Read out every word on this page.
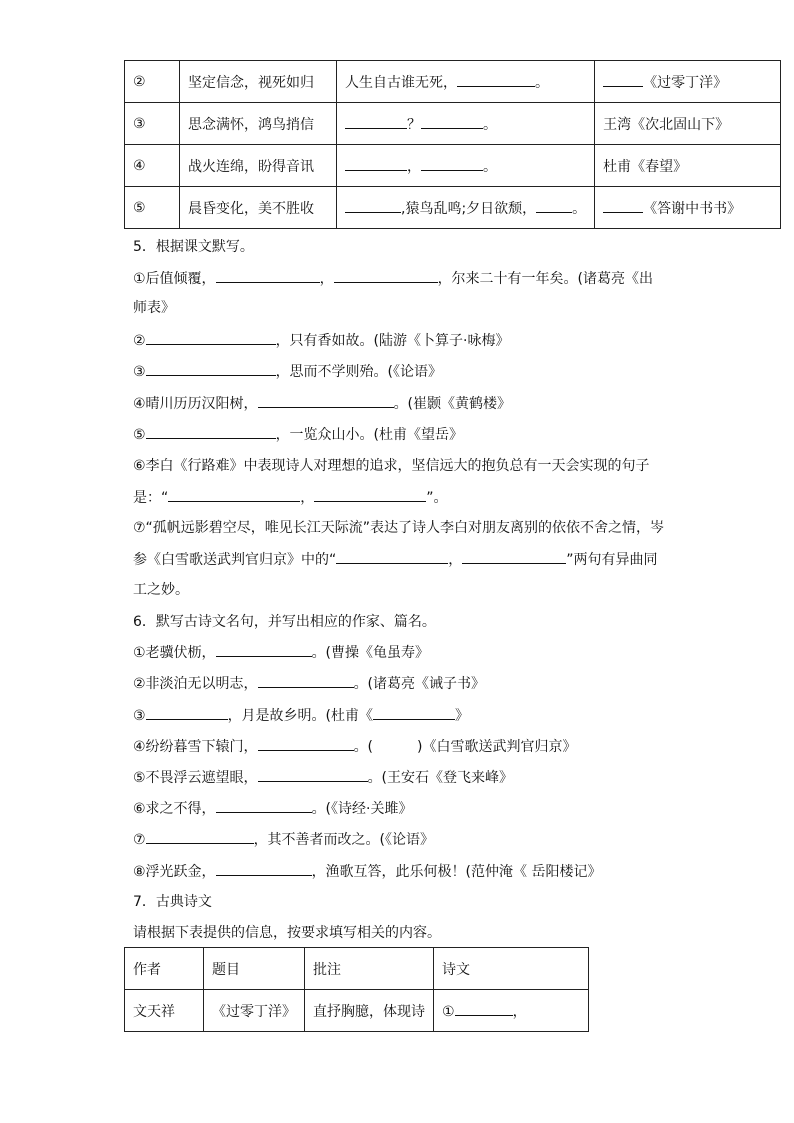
②	坚定信念，视死如归	人生自古谁无死， 。	《过零丁洋》
③	思念满怀，鸿鸟捎信	？ 。	王湾《次北固山下》
④	战火连绵，盼得音讯	， 。	杜甫《春望》
⑤	晨昏变化，美不胜收	,猿鸟乱鸣;夕日欲颓， 。	《答谢中书书》
5．根据课文默写。
①后值倾覆，	，	，尔来二十有一年矣。(诸葛亮《出
师表》
②	，只有香如故。(陆游《卜算子·咏梅》
③	，思而不学则殆。(《论语》
④晴川历历汉阳树，	。(崔颢《黄鹤楼》
⑤	，一览众山小。(杜甫《望岳》
⑥李白《行路难》中表现诗人对理想的追求，坚信远大的抱负总有一天会实现的句子
是：“	，	”。
⑦“孤帆远影碧空尽，唯见长江天际流”表达了诗人李白对朋友离别的依依不舍之情，岑
参《白雪歌送武判官归京》中的“	，	”两句有异曲同
工之妙。
6．默写古诗文名句，并写出相应的作家、篇名。
①老骥伏枥，	。(曹操《龟虽寿》
②非淡泊无以明志，	。(诸葛亮《诫子书》
③	，月是故乡明。(杜甫《	》
④纷纷暮雪下辕门，	。(	)《白雪歌送武判官归京》
⑤不畏浮云遮望眼，	。(王安石《登飞来峰》
⑥求之不得，	。(《诗经·关雎》
⑦	，其不善者而改之。(《论语》
⑧浮光跃金，	，渔歌互答，此乐何极！(范仲淹《 岳阳楼记》
7．古典诗文
请根据下表提供的信息，按要求填写相关的内容。
作者	题目	批注	诗文
文天祥	《过零丁洋》	直抒胸臆，体现诗	① ，
